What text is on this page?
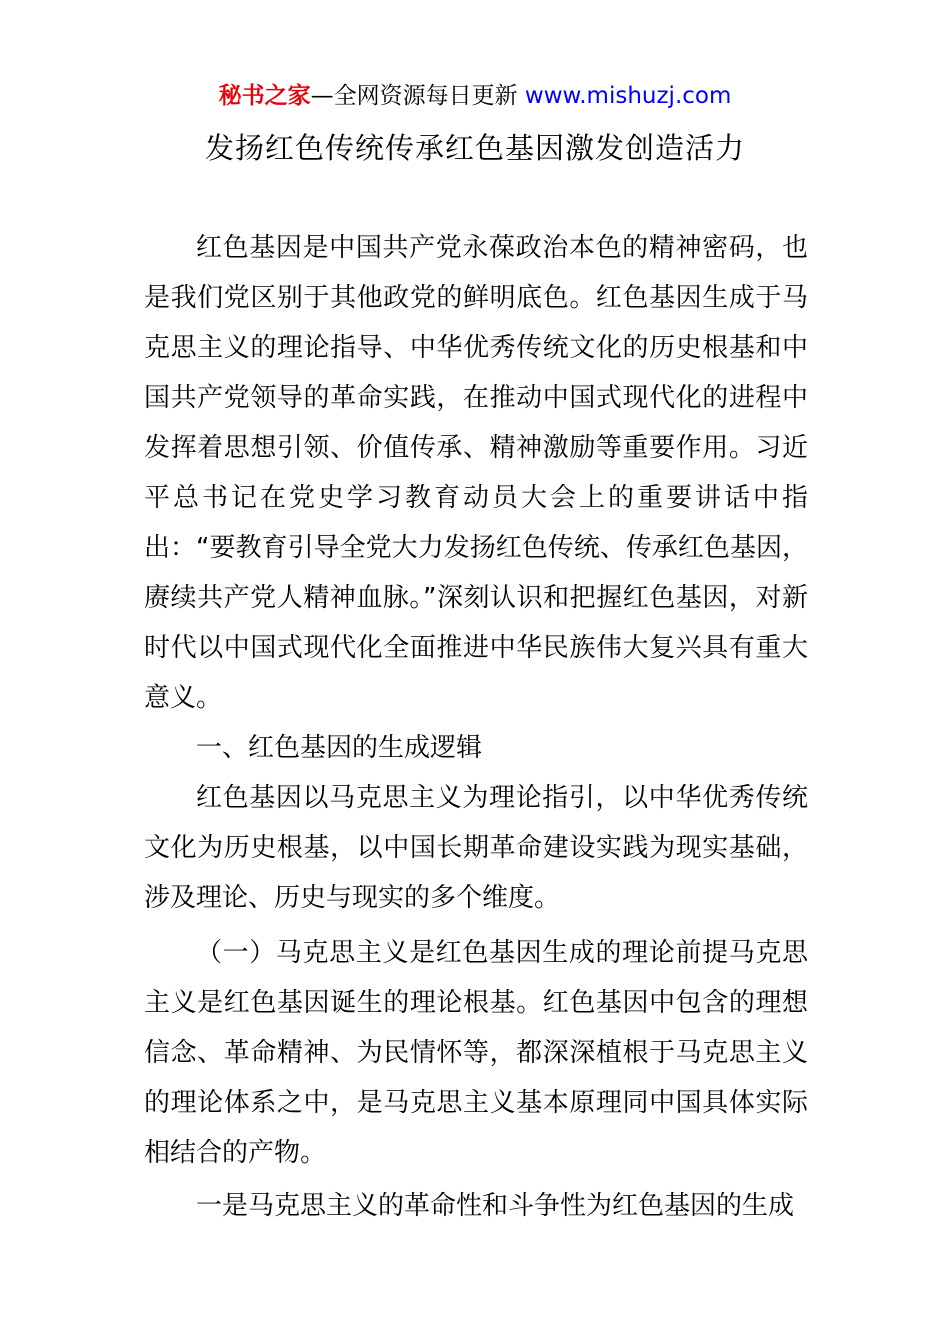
秘书之家—全网资源每日更新 www.mishuzj.com
发扬红色传统传承红色基因激发创造活力

红色基因是中国共产党永葆政治本色的精神密码，也是我们党区别于其他政党的鲜明底色。红色基因生成于马克思主义的理论指导、中华优秀传统文化的历史根基和中国共产党领导的革命实践，在推动中国式现代化的进程中发挥着思想引领、价值传承、精神激励等重要作用。习近平总书记在党史学习教育动员大会上的重要讲话中指出：“要教育引导全党大力发扬红色传统、传承红色基因，赓续共产党人精神血脉。”深刻认识和把握红色基因，对新时代以中国式现代化全面推进中华民族伟大复兴具有重大意义。

一、红色基因的生成逻辑

红色基因以马克思主义为理论指引，以中华优秀传统文化为历史根基，以中国长期革命建设实践为现实基础，涉及理论、历史与现实的多个维度。

（一）马克思主义是红色基因生成的理论前提马克思主义是红色基因诞生的理论根基。红色基因中包含的理想信念、革命精神、为民情怀等，都深深植根于马克思主义的理论体系之中，是马克思主义基本原理同中国具体实际相结合的产物。

一是马克思主义的革命性和斗争性为红色基因的生成
